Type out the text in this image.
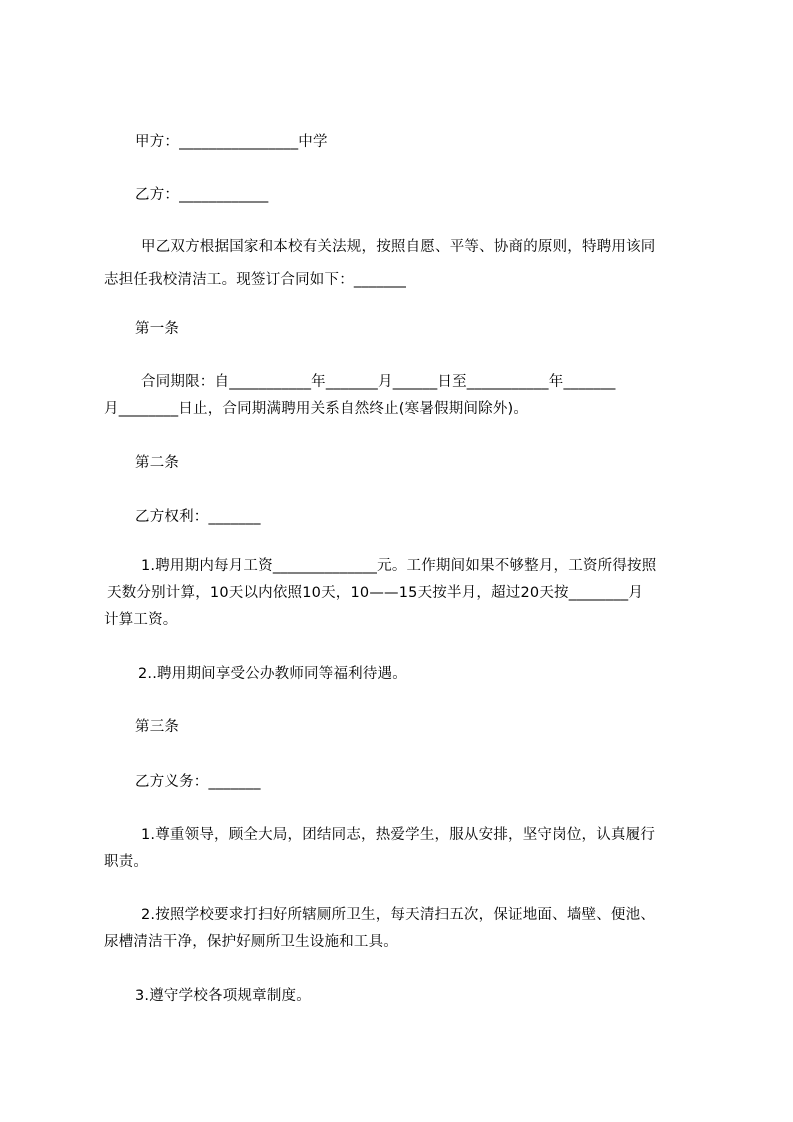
甲方：________________中学
乙方：____________
甲乙双方根据国家和本校有关法规，按照自愿、平等、协商的原则，特聘用该同
志担任我校清洁工。现签订合同如下：_______
第一条
合同期限：自___________年_______月______日至___________年_______
月________日止，合同期满聘用关系自然终止(寒暑假期间除外)。
第二条
乙方权利：_______
1.聘用期内每月工资______________元。工作期间如果不够整月，工资所得按照
天数分别计算，10天以内依照10天，10——15天按半月，超过20天按________月
计算工资。
2..聘用期间享受公办教师同等福利待遇。
第三条
乙方义务：_______
1.尊重领导，顾全大局，团结同志，热爱学生，服从安排，坚守岗位，认真履行
职责。
2.按照学校要求打扫好所辖厕所卫生，每天清扫五次，保证地面、墙壁、便池、
尿槽清洁干净，保护好厕所卫生设施和工具。
3.遵守学校各项规章制度。
